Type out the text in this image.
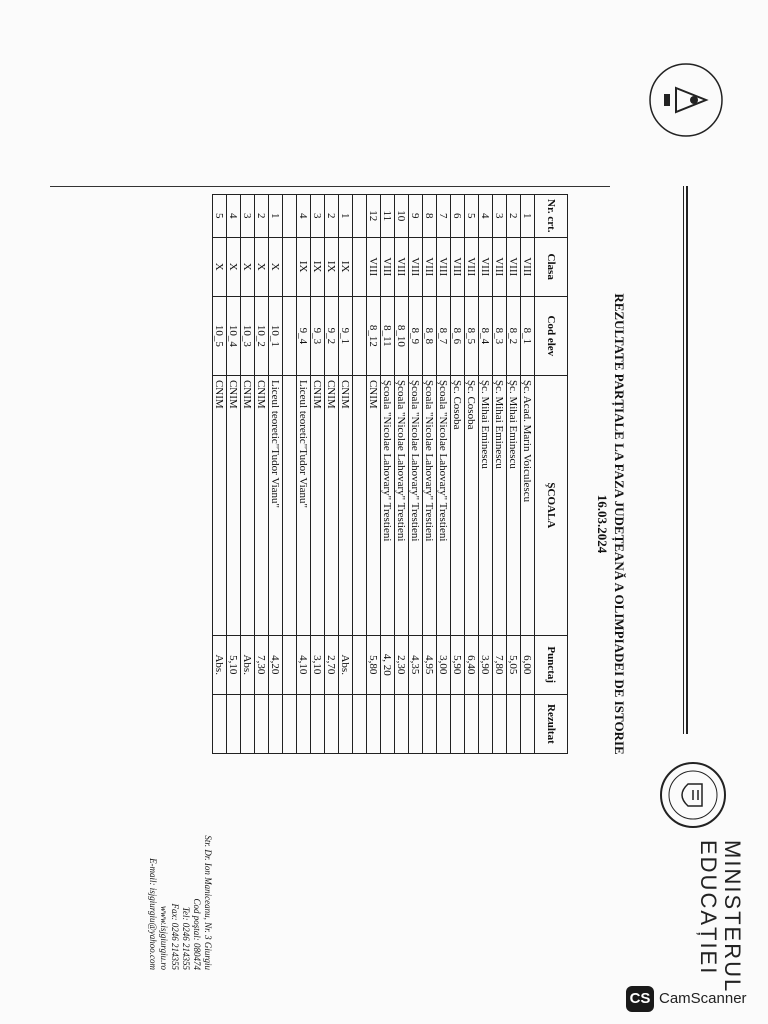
MINISTERUL
EDUCAȚIEI
REZULTATE PARȚIALE LA FAZA JUDEȚEANĂ A OLIMPIADEI DE ISTORIE
16.03.2024
Nr. crt.	Clasa	Cod elev	ŞCOALA	Punctaj	Rezultat
1	VIII	8_1	Şc. Acad. Marin Voiculescu	6,00	
2	VIII	8_2	Şc. Mihai Eminescu	5,05	
3	VIII	8_3	Şc. Mihai Eminescu	7,80	
4	VIII	8_4	Şc. Mihai Eminescu	3,90	
5	VIII	8_5	Şc. Cosoba	6,40	
6	VIII	8_6	Şc. Cosoba	5,90	
7	VIII	8_7	Şcoala "Nicolae Lahovary" Trestieni	3,00	
8	VIII	8_8	Şcoala "Nicolae Lahovary" Trestieni	4,95	
9	VIII	8_9	Şcoala "Nicolae Lahovary" Trestieni	4,35	
10	VIII	8_10	Şcoala "Nicolae Lahovary" Trestieni	2,30	
11	VIII	8_11	Şcoala "Nicolae Lahovary" Trestieni	4, 20	
12	VIII	8_12	CNIM	5,80	

1	IX	9_1	CNIM	Abs.	
2	IX	9_2	CNIM	2,70	
3	IX	9_3	CNIM	3,10	
4	IX	9_4	Liceul teoretic"Tudor Vianu"	4,10	

1	X	10_1	Liceul teoretic"Tudor Vianu"	4,20	
2	X	10_2	CNIM	7,30	
3	X	10_3	CNIM	Abs.	
4	X	10_4	CNIM	5,10	
5	X	10_5	CNIM	Abs.	
Str. Dr. Ion Maniceanu, Nr. 3 Giurgiu
Cod poştal: 080474
Tel: 0246 214355
Fax: 0246 214355
www.isjgiurgiu.ro
E-mail: isjgiurgiu@yahoo.com
CS CamScanner
